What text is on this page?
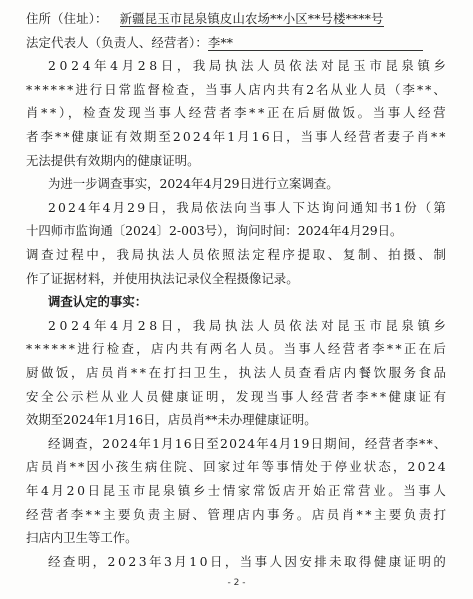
住所（住址）： 新疆昆玉市昆泉镇皮山农场**小区**号楼****号
法定代表人（负责人、经营者）：李**
2024年4月28日，我局执法人员依法对昆玉市昆泉镇乡
******进行日常监督检查，当事人店内共有2名从业人员（李**、
肖**），检查发现当事人经营者李**正在后厨做饭。当事人经营
者李**健康证有效期至2024年1月16日，当事人经营者妻子肖**
无法提供有效期内的健康证明。
为进一步调查事实，2024年4月29日进行立案调查。
2024年4月29日，我局依法向当事人下达询问通知书1份（第
十四师市监询通〔2024〕2-003号），询问时间：2024年4月29日。
调查过程中，我局执法人员依照法定程序提取、复制、拍摄、制
作了证据材料，并使用执法记录仪全程摄像记录。
调查认定的事实：
2024年4月28日，我局执法人员依法对昆玉市昆泉镇乡
******进行检查，店内共有两名人员。当事人经营者李**正在后
厨做饭，店员肖**在打扫卫生，执法人员查看店内餐饮服务食品
安全公示栏从业人员健康证明，发现当事人经营者李**健康证有
效期至2024年1月16日，店员肖**未办理健康证明。
经调查，2024年1月16日至2024年4月19日期间，经营者李**、
- 2 -
店员肖**因小孩生病住院、回家过年等事情处于停业状态，2024
年4月20日昆玉市昆泉镇乡士情家常饭店开始正常营业。当事人
经营者李**主要负责主厨、管理店内事务。店员肖**主要负责打
扫店内卫生等工作。
经查明，2023年3月10日，当事人因安排未取得健康证明的
